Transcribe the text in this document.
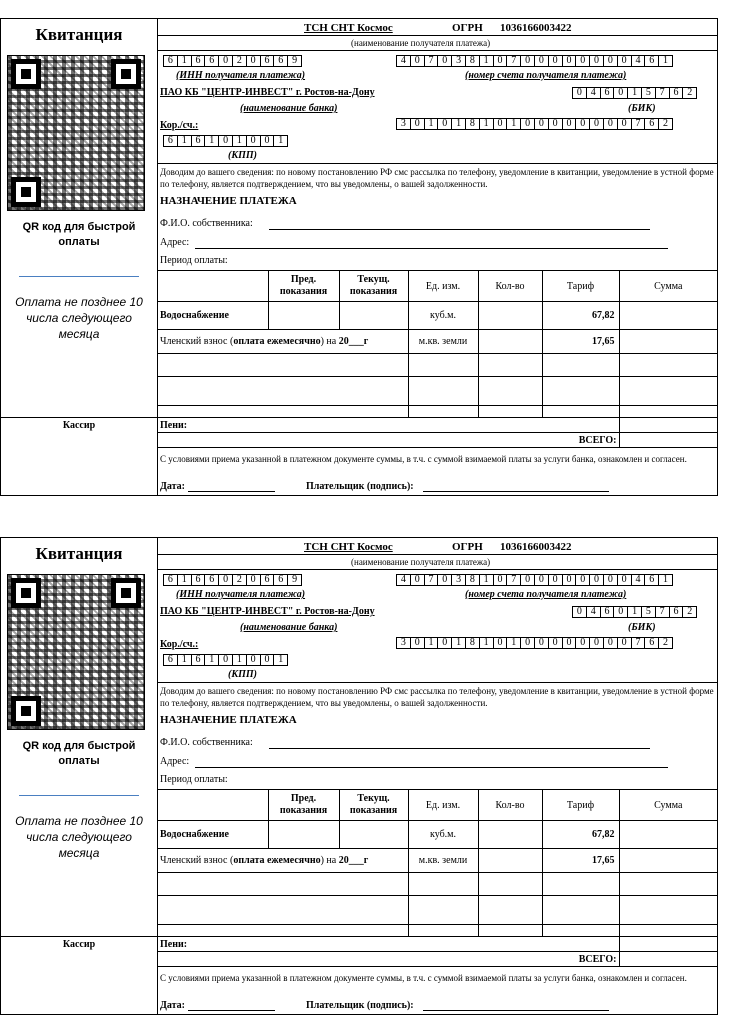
Квитанция
QR код для быстрой оплаты
Оплата не позднее 10 числа следующего месяца
Кассир
ТСН СНТ Космос	ОГРН 1036166003422
(наименование получателя платежа)
6 1 6 6 0 2 0 6 6 9	4 0 7 0 3 8 1 0 7 0 0 0 0 0 0 0 0 4 6 1
(ИНН получателя платежа)	(номер счета получателя платежа)
ПАО КБ "ЦЕНТР-ИНВЕСТ" г. Ростов-на-Дону	0 4 6 0 1 5 7 6 2
(наименование банка)	(БИК)
Кор./сч.:	3 0 1 0 1 8 1 0 1 0 0 0 0 0 0 0 0 7 6 2
6 1 6 1 0 1 0 0 1
(КПП)
Доводим до вашего сведения: по новому постановлению РФ смс рассылка по телефону, уведомление в квитанции, уведомление в устной форме по телефону, является подтверждением, что вы уведомлены, о вашей задолженности.
НАЗНАЧЕНИЕ ПЛАТЕЖА
Ф.И.О. собственника:
Адрес:
Период оплаты:
	Пред. показания	Текущ. показания	Ед. изм.	Кол-во	Тариф	Сумма
Водоснабжение			куб.м.		67,82	
Членский взнос (оплата ежемесячно) на 20___г			м.кв. земли		17,65	

Пени:						
ВСЕГО:						
С условиями приема указанной в платежном документе суммы, в т.ч. с суммой взимаемой платы за услуги банка, ознакомлен и согласен.
Дата:	Плательщик (подпись):
Квитанция
QR код для быстрой оплаты
Оплата не позднее 10 числа следующего месяца
Кассир
ТСН СНТ Космос	ОГРН 1036166003422
(наименование получателя платежа)
6 1 6 6 0 2 0 6 6 9	4 0 7 0 3 8 1 0 7 0 0 0 0 0 0 0 0 4 6 1
(ИНН получателя платежа)	(номер счета получателя платежа)
ПАО КБ "ЦЕНТР-ИНВЕСТ" г. Ростов-на-Дону	0 4 6 0 1 5 7 6 2
(наименование банка)	(БИК)
Кор./сч.:	3 0 1 0 1 8 1 0 1 0 0 0 0 0 0 0 0 7 6 2
6 1 6 1 0 1 0 0 1
(КПП)
Доводим до вашего сведения: по новому постановлению РФ смс рассылка по телефону, уведомление в квитанции, уведомление в устной форме по телефону, является подтверждением, что вы уведомлены, о вашей задолженности.
НАЗНАЧЕНИЕ ПЛАТЕЖА
Ф.И.О. собственника:
Адрес:
Период оплаты:
	Пред. показания	Текущ. показания	Ед. изм.	Кол-во	Тариф	Сумма
Водоснабжение			куб.м.		67,82	
Членский взнос (оплата ежемесячно) на 20___г			м.кв. земли		17,65	

Пени:						
ВСЕГО:						
С условиями приема указанной в платежном документе суммы, в т.ч. с суммой взимаемой платы за услуги банка, ознакомлен и согласен.
Дата:	Плательщик (подпись):
